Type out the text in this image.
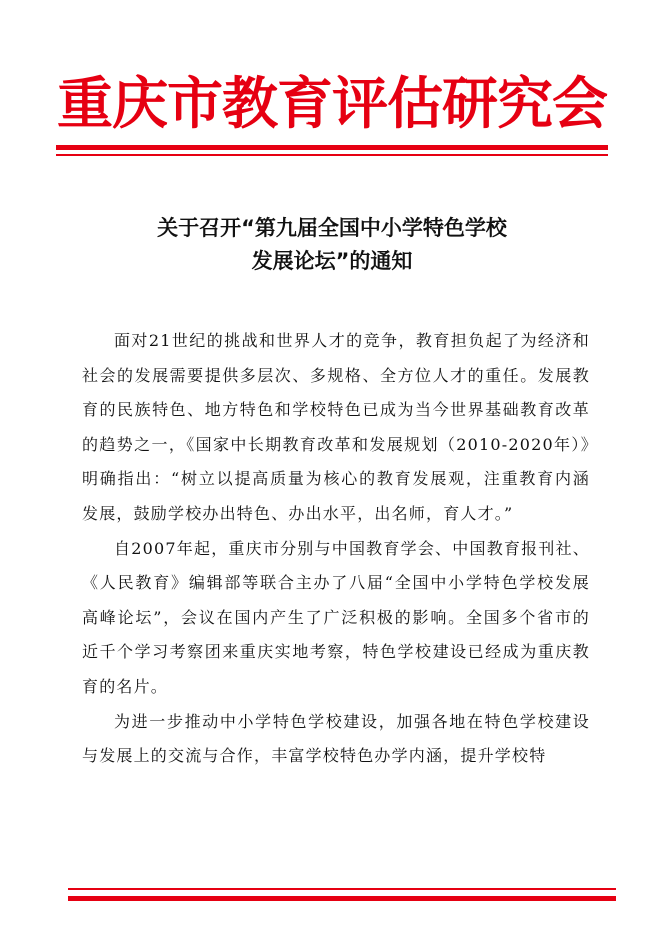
重庆市教育评估研究会
关于召开“第九届全国中小学特色学校
发展论坛”的通知

面对21世纪的挑战和世界人才的竞争，教育担负起了为经济和社会的发展需要提供多层次、多规格、全方位人才的重任。发展教育的民族特色、地方特色和学校特色已成为当今世界基础教育改革的趋势之一，《国家中长期教育改革和发展规划（2010-2020年）》明确指出：“树立以提高质量为核心的教育发展观，注重教育内涵发展，鼓励学校办出特色、办出水平，出名师，育人才。”

自2007年起，重庆市分别与中国教育学会、中国教育报刊社、《人民教育》编辑部等联合主办了八届“全国中小学特色学校发展高峰论坛”，会议在国内产生了广泛积极的影响。全国多个省市的近千个学习考察团来重庆实地考察，特色学校建设已经成为重庆教育的名片。

为进一步推动中小学特色学校建设，加强各地在特色学校建设与发展上的交流与合作，丰富学校特色办学内涵，提升学校特
